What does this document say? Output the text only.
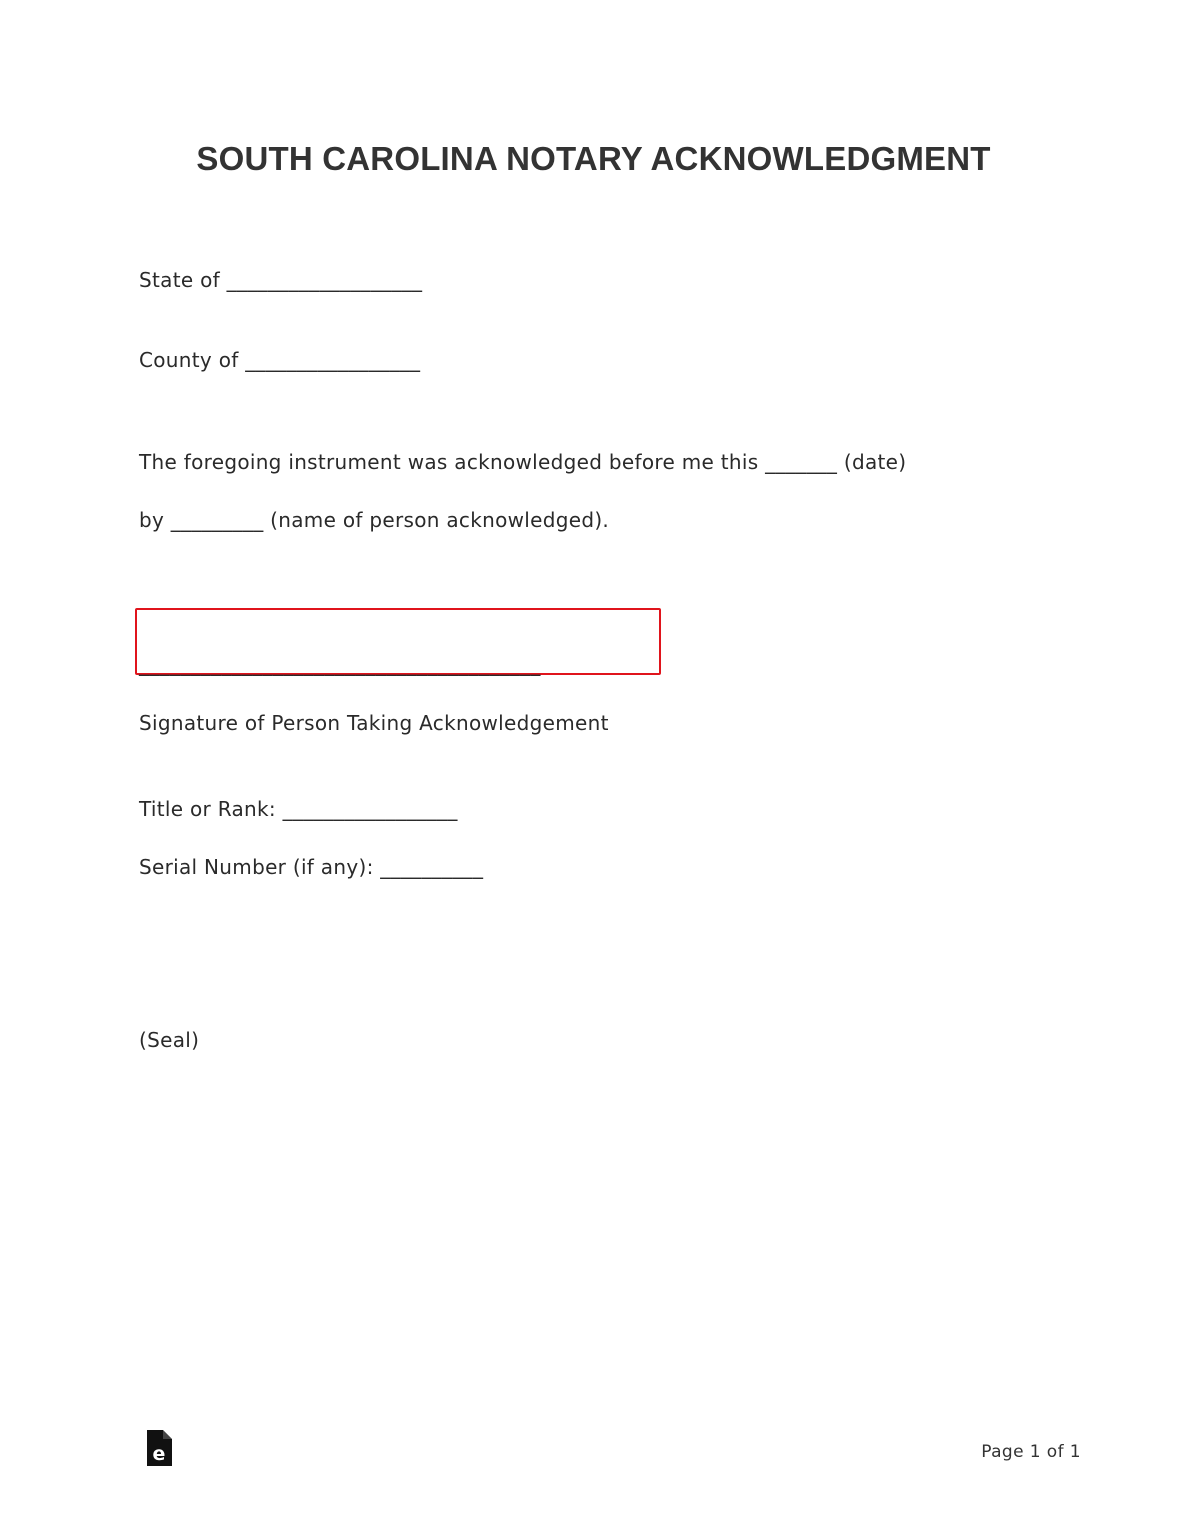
SOUTH CAROLINA NOTARY ACKNOWLEDGMENT
State of ___________________
County of _________________
The foregoing instrument was acknowledged before me this _______ (date)
by _________ (name of person acknowledged).
_______________________________________
Signature of Person Taking Acknowledgement
Title or Rank: _________________
Serial Number (if any): __________
(Seal)
e	Page 1 of 1
